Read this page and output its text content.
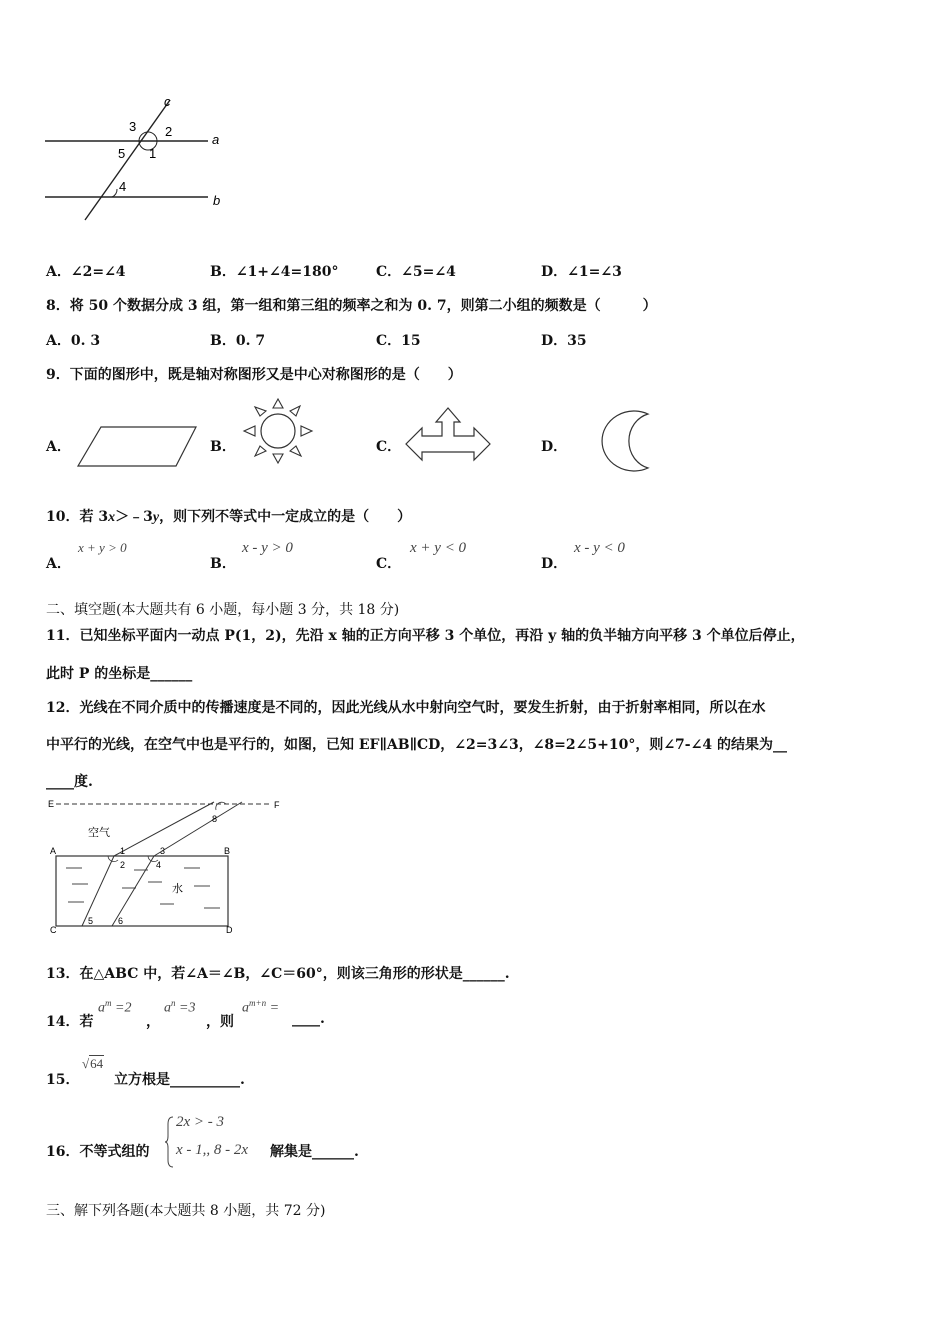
c
3 2
a
5 1
4
b
A．∠2=∠4	B．∠1+∠4=180°	C．∠5=∠4	D．∠1=∠3
8．将 50 个数据分成 3 组，第一组和第三组的频率之和为 0. 7，则第二小组的频数是（　　　）
A．0. 3	B．0. 7	C．15	D．35
9．下面的图形中，既是轴对称图形又是中心对称图形的是（　　）
A．	B．	C．	D．
10．若 3x＞﹣3y，则下列不等式中一定成立的是（　　）
A．
x + y > 0
B．
x - y > 0
C．
x + y < 0
D．
x - y < 0
二、填空题(本大题共有 6 小题，每小题 3 分，共 18 分)
11．已知坐标平面内一动点 P(1，2)，先沿 x 轴的正方向平移 3 个单位，再沿 y 轴的负半轴方向平移 3 个单位后停止，
此时 P 的坐标是______
12．光线在不同介质中的传播速度是不同的，因此光线从水中射向空气时，要发生折射，由于折射率相同，所以在水
中平行的光线，在空气中也是平行的，如图，已知 EF∥AB∥CD，∠2=3∠3，∠8=2∠5+10°，则∠7-∠4 的结果为__
____度.
E	F
8
空气
A	B
1
2
3
4
水
C	D
5	6
13．在△ABC 中，若∠A＝∠B，∠C＝60°，则该三角形的形状是______.
14．若
$a^m =2$
，
$a^n =3$
，则
$a^{m+n}$ =
____.
15．
√64
立方根是__________.
16．不等式组的
2x > - 3
x - 1,, 8 - 2x 解集是______.
三、解下列各题(本大题共 8 小题，共 72 分)
